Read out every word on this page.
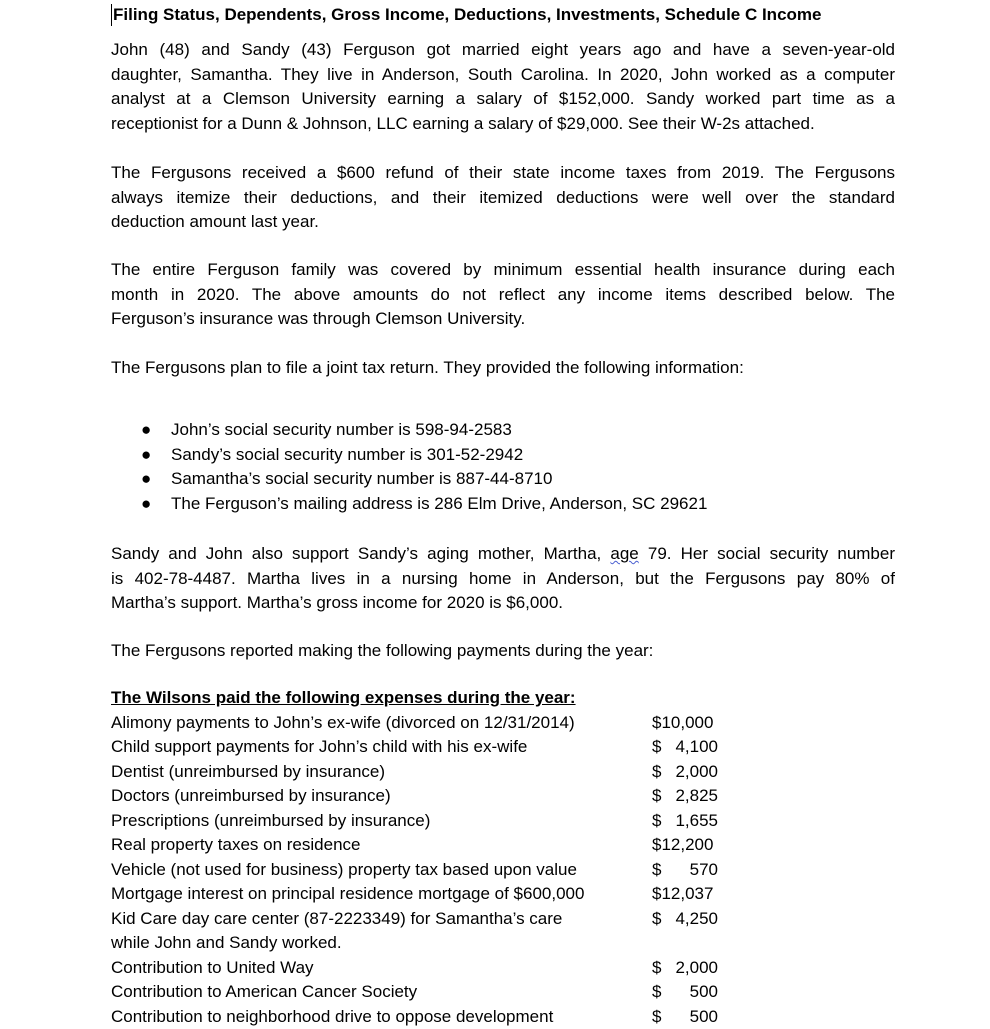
Filing Status, Dependents, Gross Income, Deductions, Investments, Schedule C Income

John (48) and Sandy (43) Ferguson got married eight years ago and have a seven-year-old
daughter, Samantha. They live in Anderson, South Carolina. In 2020, John worked as a computer
analyst at a Clemson University earning a salary of $152,000. Sandy worked part time as a
receptionist for a Dunn & Johnson, LLC earning a salary of $29,000. See their W-2s attached.

The Fergusons received a $600 refund of their state income taxes from 2019. The Fergusons
always itemize their deductions, and their itemized deductions were well over the standard
deduction amount last year.

The entire Ferguson family was covered by minimum essential health insurance during each
month in 2020. The above amounts do not reflect any income items described below. The
Ferguson’s insurance was through Clemson University.

The Fergusons plan to file a joint tax return. They provided the following information:

● John’s social security number is 598-94-2583
● Sandy’s social security number is 301-52-2942
● Samantha’s social security number is 887-44-8710
● The Ferguson’s mailing address is 286 Elm Drive, Anderson, SC 29621

Sandy and John also support Sandy’s aging mother, Martha, age 79. Her social security number
is 402-78-4487. Martha lives in a nursing home in Anderson, but the Fergusons pay 80% of
Martha’s support. Martha’s gross income for 2020 is $6,000.

The Fergusons reported making the following payments during the year:

The Wilsons paid the following expenses during the year:
Alimony payments to John’s ex-wife (divorced on 12/31/2014)	$10,000
Child support payments for John’s child with his ex-wife	$ 4,100
Dentist (unreimbursed by insurance)	$ 2,000
Doctors (unreimbursed by insurance)	$ 2,825
Prescriptions (unreimbursed by insurance)	$ 1,655
Real property taxes on residence	$12,200
Vehicle (not used for business) property tax based upon value	$ 570
Mortgage interest on principal residence mortgage of $600,000	$12,037
Kid Care day care center (87-2223349) for Samantha’s care	$ 4,250
while John and Sandy worked.
Contribution to United Way	$ 2,000
Contribution to American Cancer Society	$ 500
Contribution to neighborhood drive to oppose development	$ 500
